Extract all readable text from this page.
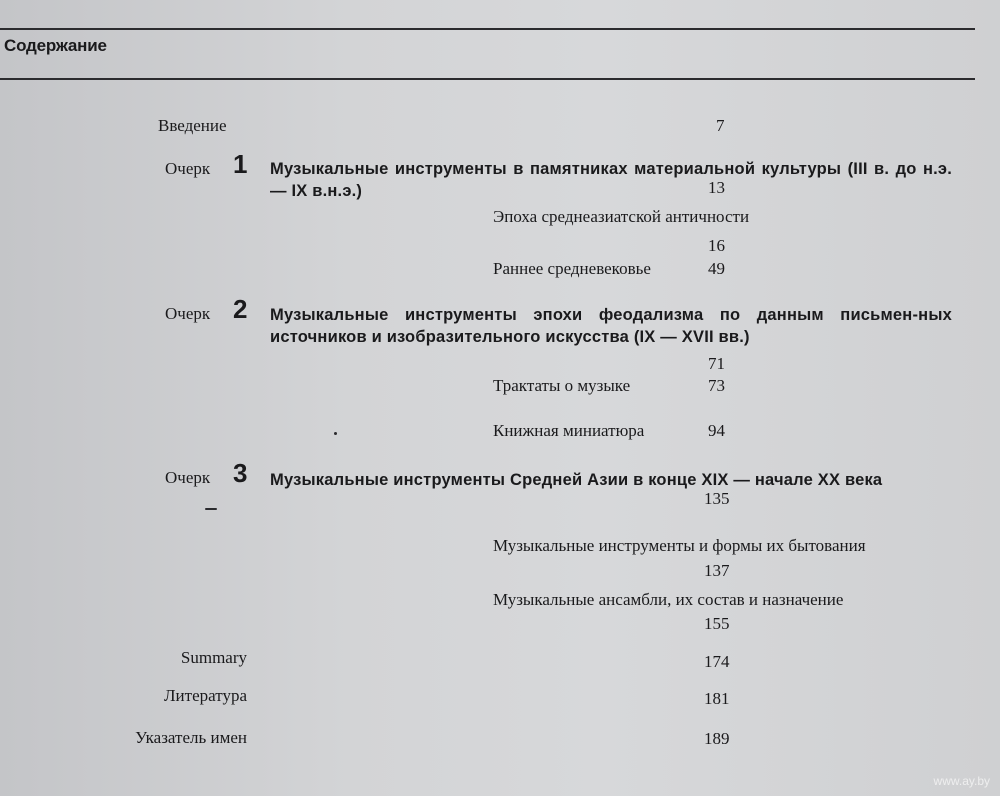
Содержание
Введение	7
Очерк 1 Музыкальные инструменты в памятниках материальной культуры (III в. до н.э.— IX в.н.э.)	13
Эпоха среднеазиатской античности
16
Раннее средневековье	49
Очерк 2 Музыкальные инструменты эпохи феодализма по данным письмен-ных источников и изобразительного искусства (IX — XVII вв.)
71
Трактаты о музыке	73
Книжная миниатюра	94
Очерк 3 Музыкальные инструменты Средней Азии в конце XIX — начале XX века
135
Музыкальные инструменты и формы их бытования
137
Музыкальные ансамбли, их состав и назначение
155
Summary	174
Литература	181
Указатель имен	189
www.ay.by
